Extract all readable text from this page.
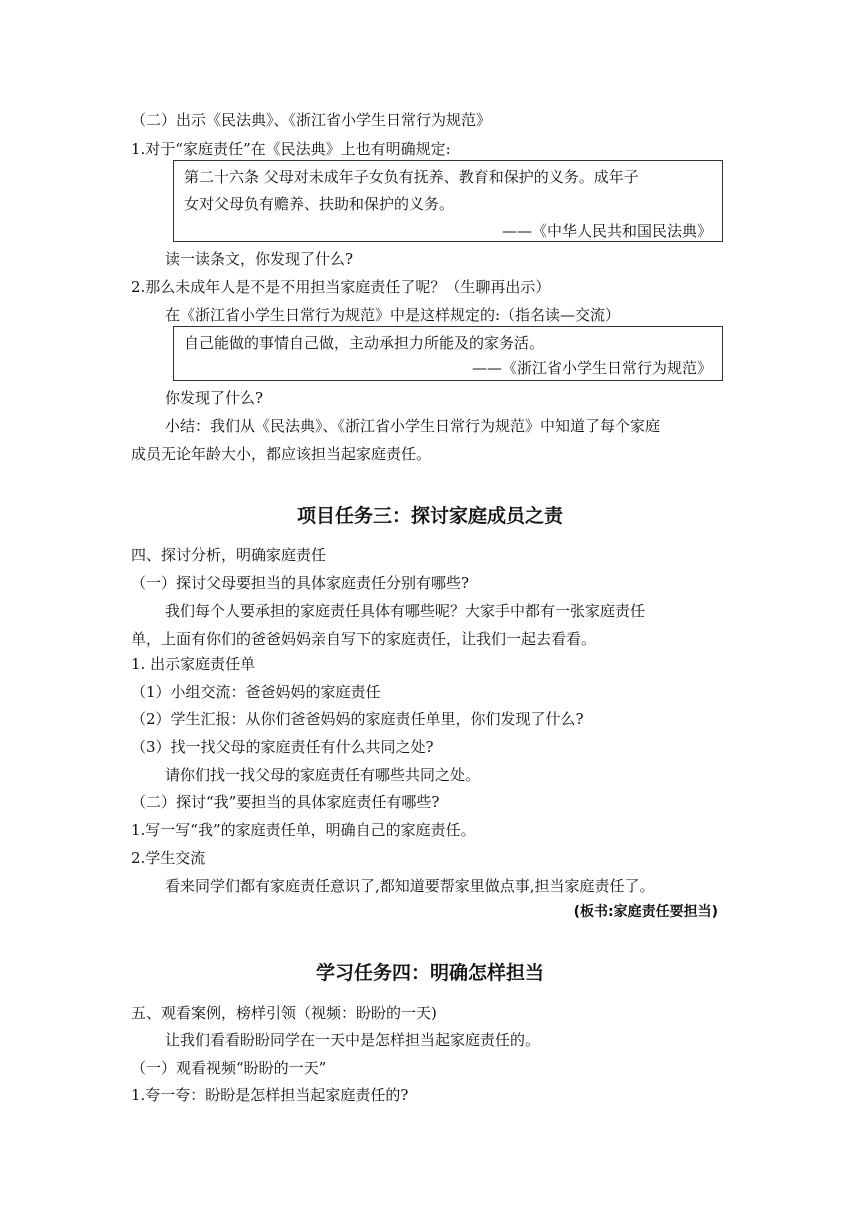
（二）出示《民法典》、《浙江省小学生日常行为规范》
1.对于“家庭责任”在《民法典》上也有明确规定:
第二十六条 父母对未成年子女负有抚养、教育和保护的义务。成年子
女对父母负有赡养、扶助和保护的义务。
——《中华人民共和国民法典》
读一读条文，你发现了什么?
2.那么未成年人是不是不用担当家庭责任了呢？（生聊再出示）
在《浙江省小学生日常行为规范》中是这样规定的:（指名读—交流）
自己能做的事情自己做，主动承担力所能及的家务活。
——《浙江省小学生日常行为规范》
你发现了什么?
小结：我们从《民法典》、《浙江省小学生日常行为规范》中知道了每个家庭
成员无论年龄大小，都应该担当起家庭责任。
项目任务三：探讨家庭成员之责
四、探讨分析，明确家庭责任
（一）探讨父母要担当的具体家庭责任分别有哪些?
我们每个人要承担的家庭责任具体有哪些呢？大家手中都有一张家庭责任
单，上面有你们的爸爸妈妈亲自写下的家庭责任，让我们一起去看看。
1. 出示家庭责任单
（1）小组交流：爸爸妈妈的家庭责任
（2）学生汇报：从你们爸爸妈妈的家庭责任单里，你们发现了什么?
（3）找一找父母的家庭责任有什么共同之处?
请你们找一找父母的家庭责任有哪些共同之处。
（二）探讨“我”要担当的具体家庭责任有哪些?
1.写一写“我”的家庭责任单，明确自己的家庭责任。
2.学生交流
看来同学们都有家庭责任意识了,都知道要帮家里做点事,担当家庭责任了。
(板书:家庭责任要担当)
学习任务四：明确怎样担当
五、观看案例，榜样引领（视频：盼盼的一天)
让我们看看盼盼同学在一天中是怎样担当起家庭责任的。
（一）观看视频“盼盼的一天”
1.夸一夸：盼盼是怎样担当起家庭责任的?
